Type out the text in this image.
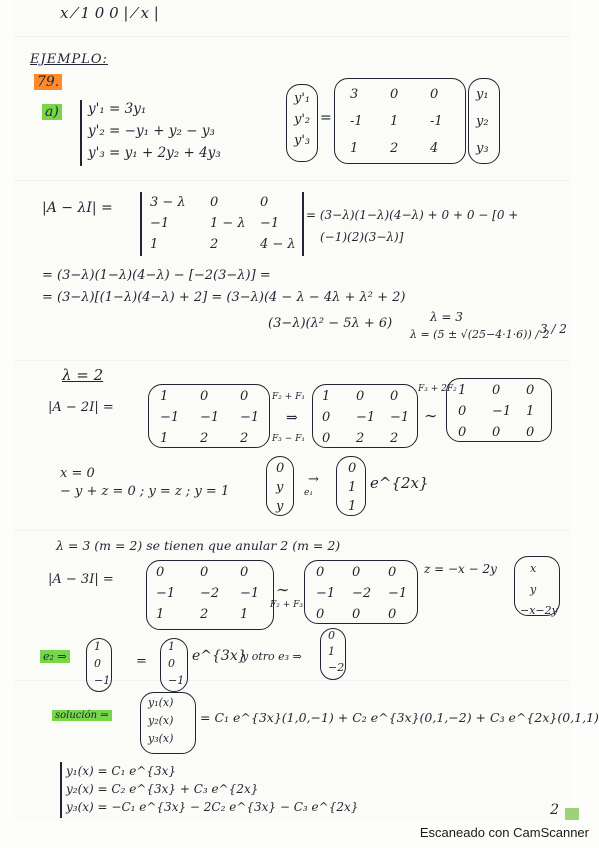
x ⁄ 1 0 0 | ⁄ x |
EJEMPLO:
79.
a) y'₁ = 3y₁
y'₂ = −y₁ + y₂ − y₃
y'₃ = y₁ + 2y₂ + 4y₃
y'₁
y'₂
y'₃
=
3 0 0
-1 1 -1
1 2 4
y₁
y₂
y₃
|A − λI| =	3 − λ 0	0
−1	1 − λ −1
1	2	4 − λ
= (3−λ)(1−λ)(4−λ) + 0 + 0 − [0 +
(−1)(2)(3−λ)]
= (3−λ)(1−λ)(4−λ) − [−2(3−λ)] =
= (3−λ)[(1−λ)(4−λ) + 2] = (3−λ)(4 − λ − 4λ + λ² + 2)
(3−λ)(λ² − 5λ + 6)	λ = 3
λ = (5 ± √(25−4·1·6)) / 2
3 / 2
λ = 2
|A − 2I| =
1 0 0
−1 −1 −1
1 2 2
F₂ + F₁
⇒
F₃ − F₁
1 0 0
0 −1 −1
0 2 2
F₃ + 2F₂
∼
1 0 0
0 −1 1
0 0 0
x = 0
− y + z = 0 ; y = z ; y = 1
0
y
y
→
e₁
0
1
1
e^{2x}
λ = 3 (m = 2) se tienen que anular 2 (m = 2)
|A − 3I| =	0	0 0
−1 −2 −1
1	2 1
∼
F₂ + F₃
0 0 0
−1 −2 −1
0 0 0
z = −x − 2y	x
y
−x−2y
e₂ ⇒
1
0
−1
=
1
0
−1
e^{3x}
y otro e₃ ⇒
0
1
−2
solución ⇒
y₁(x)
y₂(x)
y₃(x)
= C₁ e^{3x}(1,0,−1) + C₂ e^{3x}(0,1,−2) + C₃ e^{2x}(0,1,1)
y₁(x) = C₁ e^{3x}
y₂(x) = C₂ e^{3x} + C₃ e^{2x}
y₃(x) = −C₁ e^{3x} − 2C₂ e^{3x} − C₃ e^{2x}	2
Escaneado con CamScanner
